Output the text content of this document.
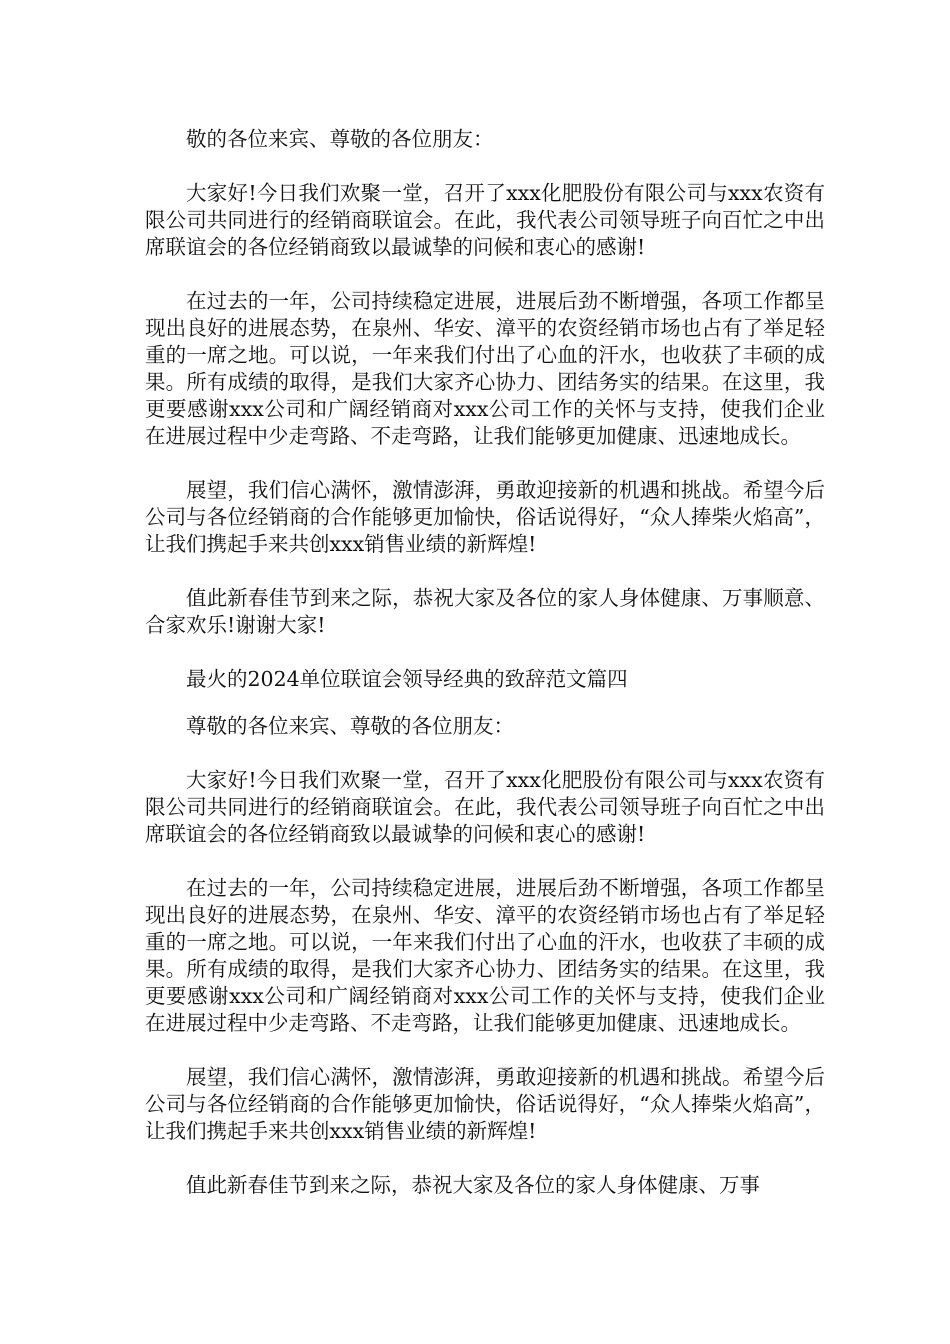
敬的各位来宾、尊敬的各位朋友：

大家好!今日我们欢聚一堂，召开了xxx化肥股份有限公司与xxx农资有限公司共同进行的经销商联谊会。在此，我代表公司领导班子向百忙之中出席联谊会的各位经销商致以最诚挚的问候和衷心的感谢!

在过去的一年，公司持续稳定进展，进展后劲不断增强，各项工作都呈现出良好的进展态势，在泉州、华安、漳平的农资经销市场也占有了举足轻重的一席之地。可以说，一年来我们付出了心血的汗水，也收获了丰硕的成果。所有成绩的取得，是我们大家齐心协力、团结务实的结果。在这里，我更要感谢xxx公司和广阔经销商对xxx公司工作的关怀与支持，使我们企业在进展过程中少走弯路、不走弯路，让我们能够更加健康、迅速地成长。

展望，我们信心满怀，激情澎湃，勇敢迎接新的机遇和挑战。希望今后公司与各位经销商的合作能够更加愉快，俗话说得好，“众人捧柴火焰高”，让我们携起手来共创xxx销售业绩的新辉煌!

值此新春佳节到来之际，恭祝大家及各位的家人身体健康、万事顺意、合家欢乐!谢谢大家!

最火的2024单位联谊会领导经典的致辞范文篇四

尊敬的各位来宾、尊敬的各位朋友：

大家好!今日我们欢聚一堂，召开了xxx化肥股份有限公司与xxx农资有限公司共同进行的经销商联谊会。在此，我代表公司领导班子向百忙之中出席联谊会的各位经销商致以最诚挚的问候和衷心的感谢!

在过去的一年，公司持续稳定进展，进展后劲不断增强，各项工作都呈现出良好的进展态势，在泉州、华安、漳平的农资经销市场也占有了举足轻重的一席之地。可以说，一年来我们付出了心血的汗水，也收获了丰硕的成果。所有成绩的取得，是我们大家齐心协力、团结务实的结果。在这里，我更要感谢xxx公司和广阔经销商对xxx公司工作的关怀与支持，使我们企业在进展过程中少走弯路、不走弯路，让我们能够更加健康、迅速地成长。

展望，我们信心满怀，激情澎湃，勇敢迎接新的机遇和挑战。希望今后公司与各位经销商的合作能够更加愉快，俗话说得好，“众人捧柴火焰高”，让我们携起手来共创xxx销售业绩的新辉煌!

值此新春佳节到来之际，恭祝大家及各位的家人身体健康、万事
